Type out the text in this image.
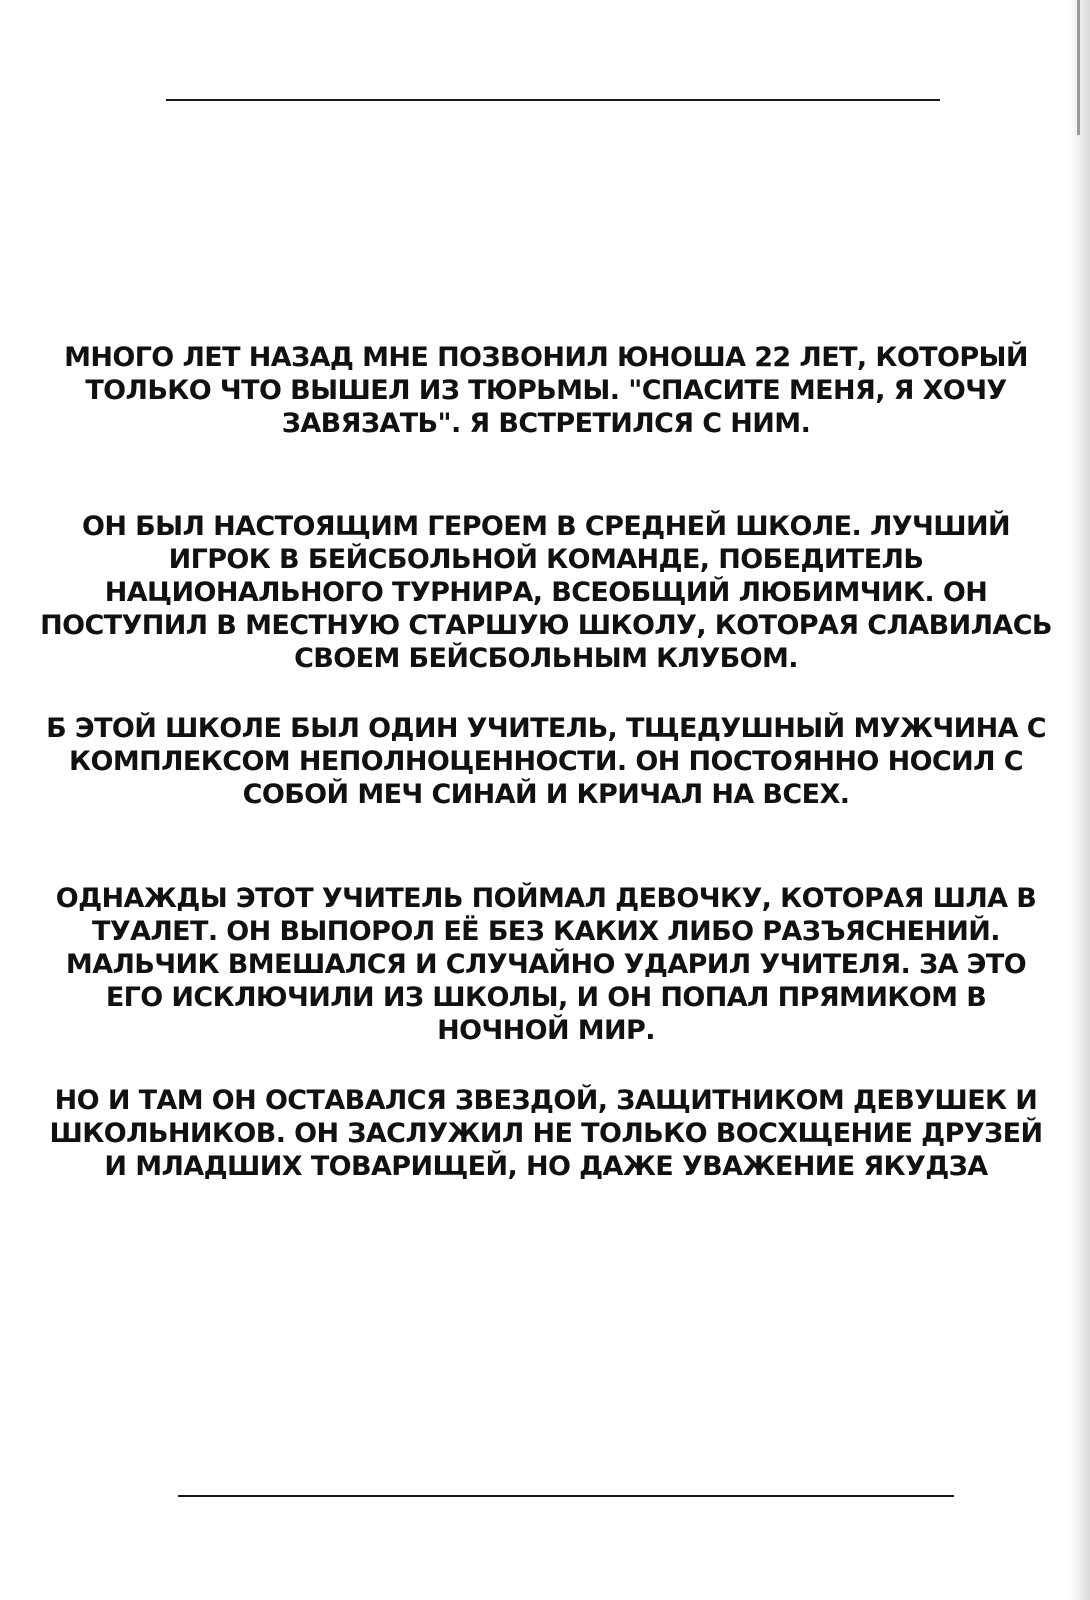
МНОГО ЛЕТ НАЗАД МНЕ ПОЗВОНИЛ ЮНОША 22 ЛЕТ, КОТОРЫЙ ТОЛЬКО ЧТО ВЫШЕЛ ИЗ ТЮРЬМЫ. "СПАСИТЕ МЕНЯ, Я ХОЧУ ЗАВЯЗАТЬ". Я ВСТРЕТИЛСЯ С НИМ.

ОН БЫЛ НАСТОЯЩИМ ГЕРОЕМ В СРЕДНЕЙ ШКОЛЕ. ЛУЧШИЙ ИГРОК В БЕЙСБОЛЬНОЙ КОМАНДЕ, ПОБЕДИТЕЛЬ НАЦИОНАЛЬНОГО ТУРНИРА, ВСЕОБЩИЙ ЛЮБИМЧИК. ОН ПОСТУПИЛ В МЕСТНУЮ СТАРШУЮ ШКОЛУ, КОТОРАЯ СЛАВИЛАСЬ СВОЕМ БЕЙСБОЛЬНЫМ КЛУБОМ.

Б ЭТОЙ ШКОЛЕ БЫЛ ОДИН УЧИТЕЛЬ, ТЩЕДУШНЫЙ МУЖЧИНА С КОМПЛЕКСОМ НЕПОЛНОЦЕННОСТИ. ОН ПОСТОЯННО НОСИЛ С СОБОЙ МЕЧ СИНАЙ И КРИЧАЛ НА ВСЕХ.

ОДНАЖДЫ ЭТОТ УЧИТЕЛЬ ПОЙМАЛ ДЕВОЧКУ, КОТОРАЯ ШЛА В ТУАЛЕТ. ОН ВЫПОРОЛ ЕЁ БЕЗ КАКИХ ЛИБО РАЗЪЯСНЕНИЙ. МАЛЬЧИК ВМЕШАЛСЯ И СЛУЧАЙНО УДАРИЛ УЧИТЕЛЯ. ЗА ЭТО ЕГО ИСКЛЮЧИЛИ ИЗ ШКОЛЫ, И ОН ПОПАЛ ПРЯМИКОМ В НОЧНОЙ МИР.

НО И ТАМ ОН ОСТАВАЛСЯ ЗВЕЗДОЙ, ЗАЩИТНИКОМ ДЕВУШЕК И ШКОЛЬНИКОВ. ОН ЗАСЛУЖИЛ НЕ ТОЛЬКО ВОСХЩЕНИЕ ДРУЗЕЙ И МЛАДШИХ ТОВАРИЩЕЙ, НО ДАЖЕ УВАЖЕНИЕ ЯКУДЗА
